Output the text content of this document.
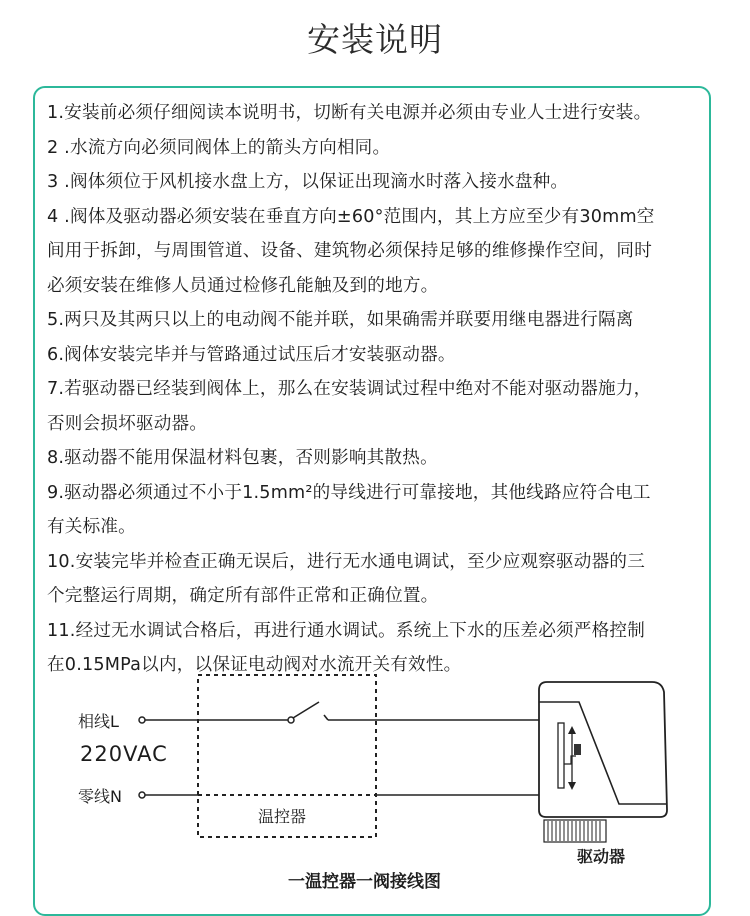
安装说明

1.安装前必须仔细阅读本说明书，切断有关电源并必须由专业人士进行安装。

2 .水流方向必须同阀体上的箭头方向相同。

3 .阀体须位于风机接水盘上方，以保证出现滴水时落入接水盘种。

4 .阀体及驱动器必须安装在垂直方向±60°范围内，其上方应至少有30mm空

间用于拆卸，与周围管道、设备、建筑物必须保持足够的维修操作空间，同时

必须安装在维修人员通过检修孔能触及到的地方。

5.两只及其两只以上的电动阀不能并联，如果确需并联要用继电器进行隔离

6.阀体安装完毕并与管路通过试压后才安装驱动器。

7.若驱动器已经装到阀体上，那么在安装调试过程中绝对不能对驱动器施力，

否则会损坏驱动器。

8.驱动器不能用保温材料包裹，否则影响其散热。

9.驱动器必须通过不小于1.5mm²的导线进行可靠接地，其他线路应符合电工

有关标准。

10.安装完毕并检查正确无误后，进行无水通电调试，至少应观察驱动器的三

个完整运行周期，确定所有部件正常和正确位置。

11.经过无水调试合格后，再进行通水调试。系统上下水的压差必须严格控制

在0.15MPa以内，以保证电动阀对水流开关有效性。

相线L
220VAC
零线N
温控器
驱动器
一温控器一阀接线图
